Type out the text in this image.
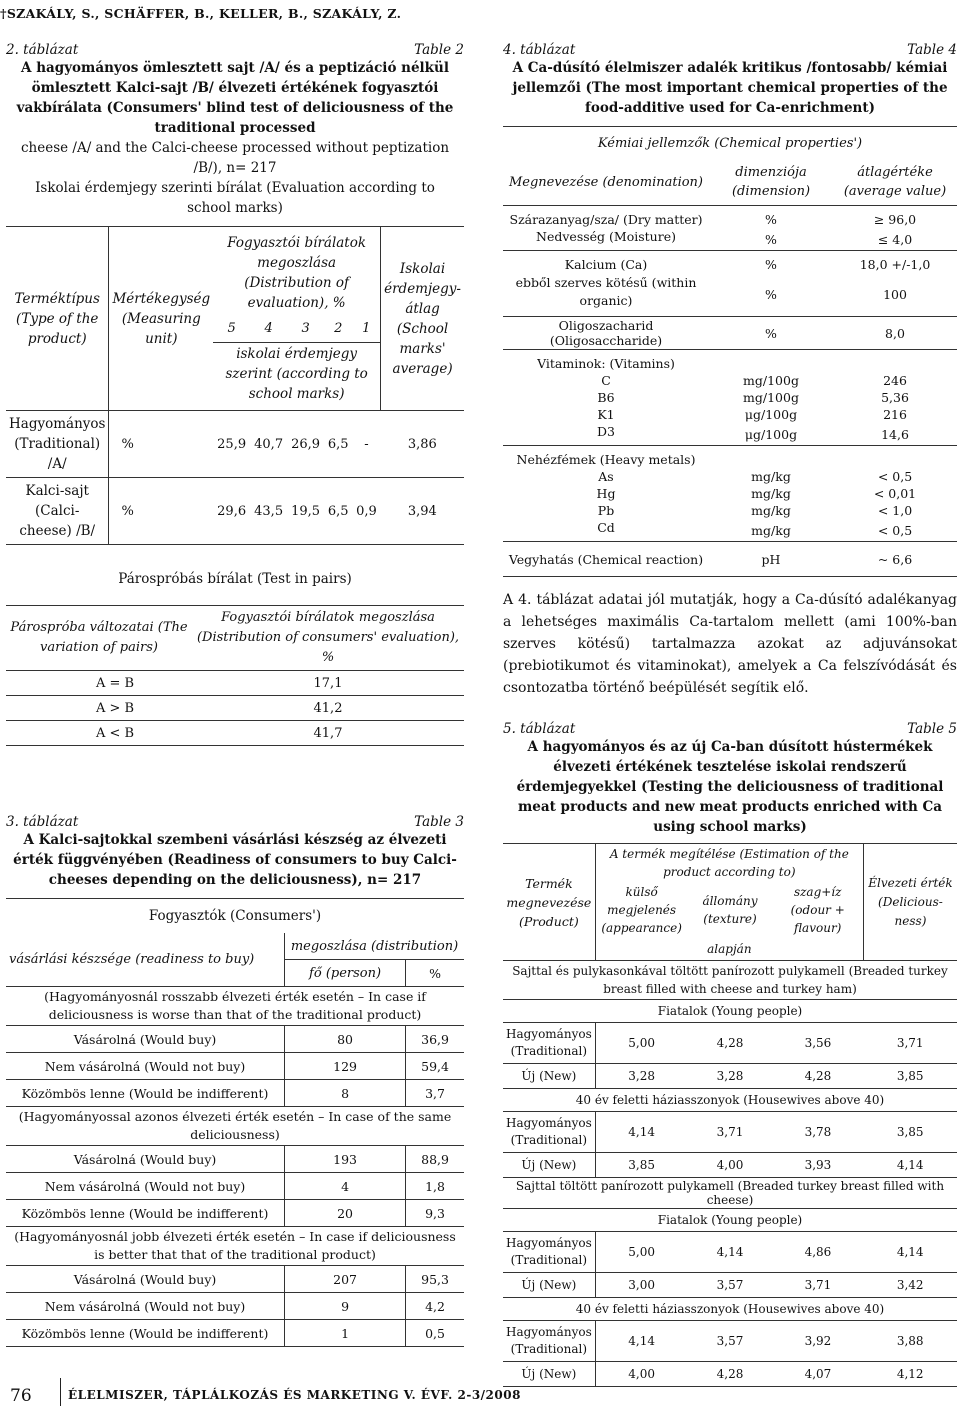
†SZAKÁLY, S., SCHÄFFER, B., KELLER, B., SZAKÁLY, Z.
2. táblázat	Table 2
A hagyományos ömlesztett sajt /A/ és a peptizáció nélkül ömlesztett Kalci-sajt /B/ élvezeti értékének fogyasztói vakbírálata (Consumers' blind test of deliciousness of the traditional processed
cheese /A/ and the Calci-cheese processed without peptization /B/), n= 217
Iskolai érdemjegy szerinti bírálat (Evaluation according to school marks)
Terméktípus (Type of the product)	Mértékegység (Measuring unit)	Fogyasztói bírálatok megoszlása (Distribution of evaluation), %					Iskolai érdemjegy-átlag (School marks' average)
		5	4	3	2	1	
		iskolai érdemjegy szerint (according to school marks)					
Hagyományos (Traditional) /A/	%	25,9	40,7	26,9	6,5	-	3,86
Kalci-sajt (Calci-cheese) /B/	%	29,6	43,5	19,5	6,5	0,9	3,94
Párospróbás bírálat (Test in pairs)
Párospróba változatai (The variation of pairs)	Fogyasztói bírálatok megoszlása (Distribution of consumers' evaluation), %
A = B	17,1
A > B	41,2
A < B	41,7
3. táblázat	Table 3
A Kalci-sajtokkal szembeni vásárlási készség az élvezeti érték függvényében (Readiness of consumers to buy Calci-cheeses depending on the deliciousness), n= 217
Fogyasztók (Consumers')		
vásárlási készsége (readiness to buy)	megoszlása (distribution)	
	fő (person)	%
(Hagyományosnál rosszabb élvezeti érték esetén – In case if deliciousness is worse than that of the traditional product)		
Vásárolná (Would buy)	80	36,9
Nem vásárolná (Would not buy)	129	59,4
Közömbös lenne (Would be indifferent)	8	3,7
(Hagyományossal azonos élvezeti érték esetén – In case of the same deliciousness)		
Vásárolná (Would buy)	193	88,9
Nem vásárolná (Would not buy)	4	1,8
Közömbös lenne (Would be indifferent)	20	9,3
(Hagyományosnál jobb élvezeti érték esetén – In case if deliciousness is better that that of the traditional product)		
Vásárolná (Would buy)	207	95,3
Nem vásárolná (Would not buy)	9	4,2
Közömbös lenne (Would be indifferent)	1	0,5
4. táblázat	Table 4
A Ca-dúsító élelmiszer adalék kritikus /fontosabb/ kémiai jellemzői (The most important chemical properties of the food-additive used for Ca-enrichment)
Kémiai jellemzők (Chemical properties')		
Megnevezése (denomination)	dimenziója (dimension)	átlagértéke (average value)
Szárazanyag/sza/ (Dry matter)	%	≥ 96,0
Nedvesség (Moisture)	%	≤ 4,0
Kalcium (Ca)	%	18,0 +/-1,0
ebből szerves kötésű (within organic)	%	100
Oligoszacharid (Oligosaccharide)	%	8,0
Vitaminok: (Vitamins)		
C	mg/100g	246
B6	mg/100g	5,36
K1	μg/100g	216
D3	μg/100g	14,6
Nehézfémek (Heavy metals)		
As	mg/kg	< 0,5
Hg	mg/kg	< 0,01
Pb	mg/kg	< 1,0
Cd	mg/kg	< 0,5
Vegyhatás (Chemical reaction)	pH	~ 6,6
A 4. táblázat adatai jól mutatják, hogy a Ca-dúsító adalékanyag a lehetséges maximális Ca-tartalom mellett (ami 100%-ban szerves kötésű) tartalmazza azokat az adjuvánsokat (prebiotikumot és vitaminokat), amelyek a Ca felszívódását és csontozatba történő beépülését segítik elő.
5. táblázat	Table 5
A hagyományos és az új Ca-ban dúsított hústermékek élvezeti értékének tesztelése iskolai rendszerű érdemjegyekkel (Testing the deliciousness of traditional meat products and new meat products enriched with Ca using school marks)
Termék megnevezése (Product)	A termék megítélése (Estimation of the product according to)			Élvezeti érték (Delicious- ness)
	külső megjelenés (appearance)	állomány (texture)	szag+íz (odour + flavour)	
	alapján			
Sajttal és pulykasonkával töltött panírozott pulykamell (Breaded turkey breast filled with cheese and turkey ham)				
Fiatalok (Young people)				
Hagyományos (Traditional)	5,00	4,28	3,56	3,71
Új (New)	3,28	3,28	4,28	3,85
40 év feletti háziasszonyok (Housewives above 40)				
Hagyományos (Traditional)	4,14	3,71	3,78	3,85
Új (New)	3,85	4,00	3,93	4,14
Sajttal töltött panírozott pulykamell (Breaded turkey breast filled with cheese)				
Fiatalok (Young people)				
Hagyományos (Traditional)	5,00	4,14	4,86	4,14
Új (New)	3,00	3,57	3,71	3,42
40 év feletti háziasszonyok (Housewives above 40)				
Hagyományos (Traditional)	4,14	3,57	3,92	3,88
Új (New)	4,00	4,28	4,07	4,12
76	ÉLELMISZER, TÁPLÁLKOZÁS ÉS MARKETING V. ÉVF. 2-3/2008
